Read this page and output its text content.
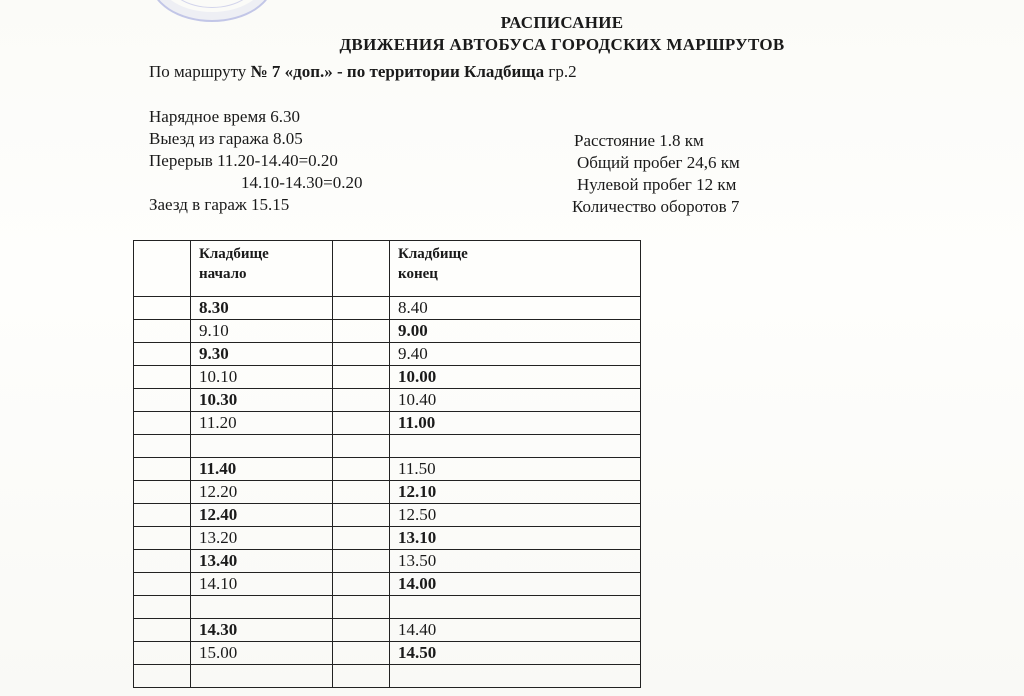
РАСПИСАНИЕ
ДВИЖЕНИЯ АВТОБУСА ГОРОДСКИХ МАРШРУТОВ
По маршруту № 7 «доп.» - по территории Кладбища гр.2
Нарядное время 6.30
Выезд из гаража 8.05
Перерыв 11.20-14.40=0.20
14.10-14.30=0.20
Заезд в гараж 15.15
Расстояние 1.8 км
Общий пробег 24,6 км
Нулевой пробег 12 км
Количество оборотов 7

	Кладбище
начало		Кладбище
конец

	8.30		8.40
	9.10		9.00
	9.30		9.40
	10.10		10.00
	10.30		10.40
	11.20		11.00

	11.40		11.50
	12.20		12.10
	12.40		12.50
	13.20		13.10
	13.40		13.50
	14.10		14.00

	14.30		14.40
	15.00		14.50
